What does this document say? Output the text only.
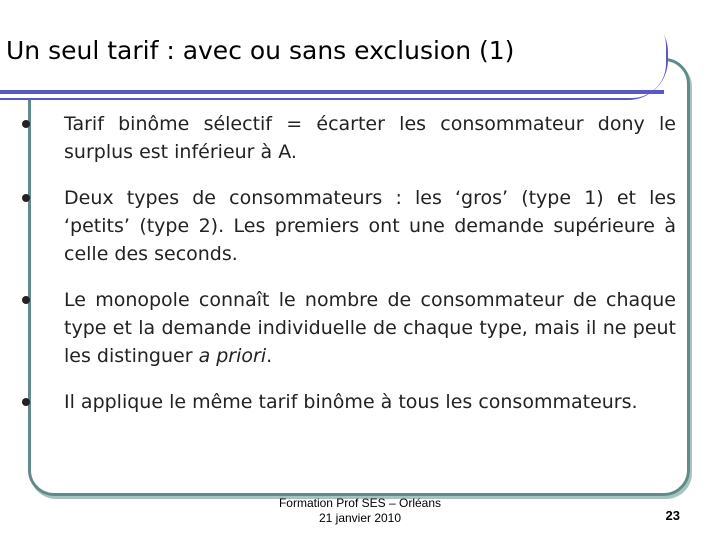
Un seul tarif : avec ou sans exclusion (1)
Tarif binôme sélectif = écarter les consommateur dony le surplus est inférieur à A.
Deux types de consommateurs : les ‘gros’ (type 1) et les ‘petits’ (type 2). Les premiers ont une demande supérieure à celle des seconds.
Le monopole connaît le nombre de consommateur de chaque type et la demande individuelle de chaque type, mais il ne peut les distinguer a priori.
Il applique le même tarif binôme à tous les consommateurs.
Formation Prof SES – Orléans
21 janvier 2010	23
